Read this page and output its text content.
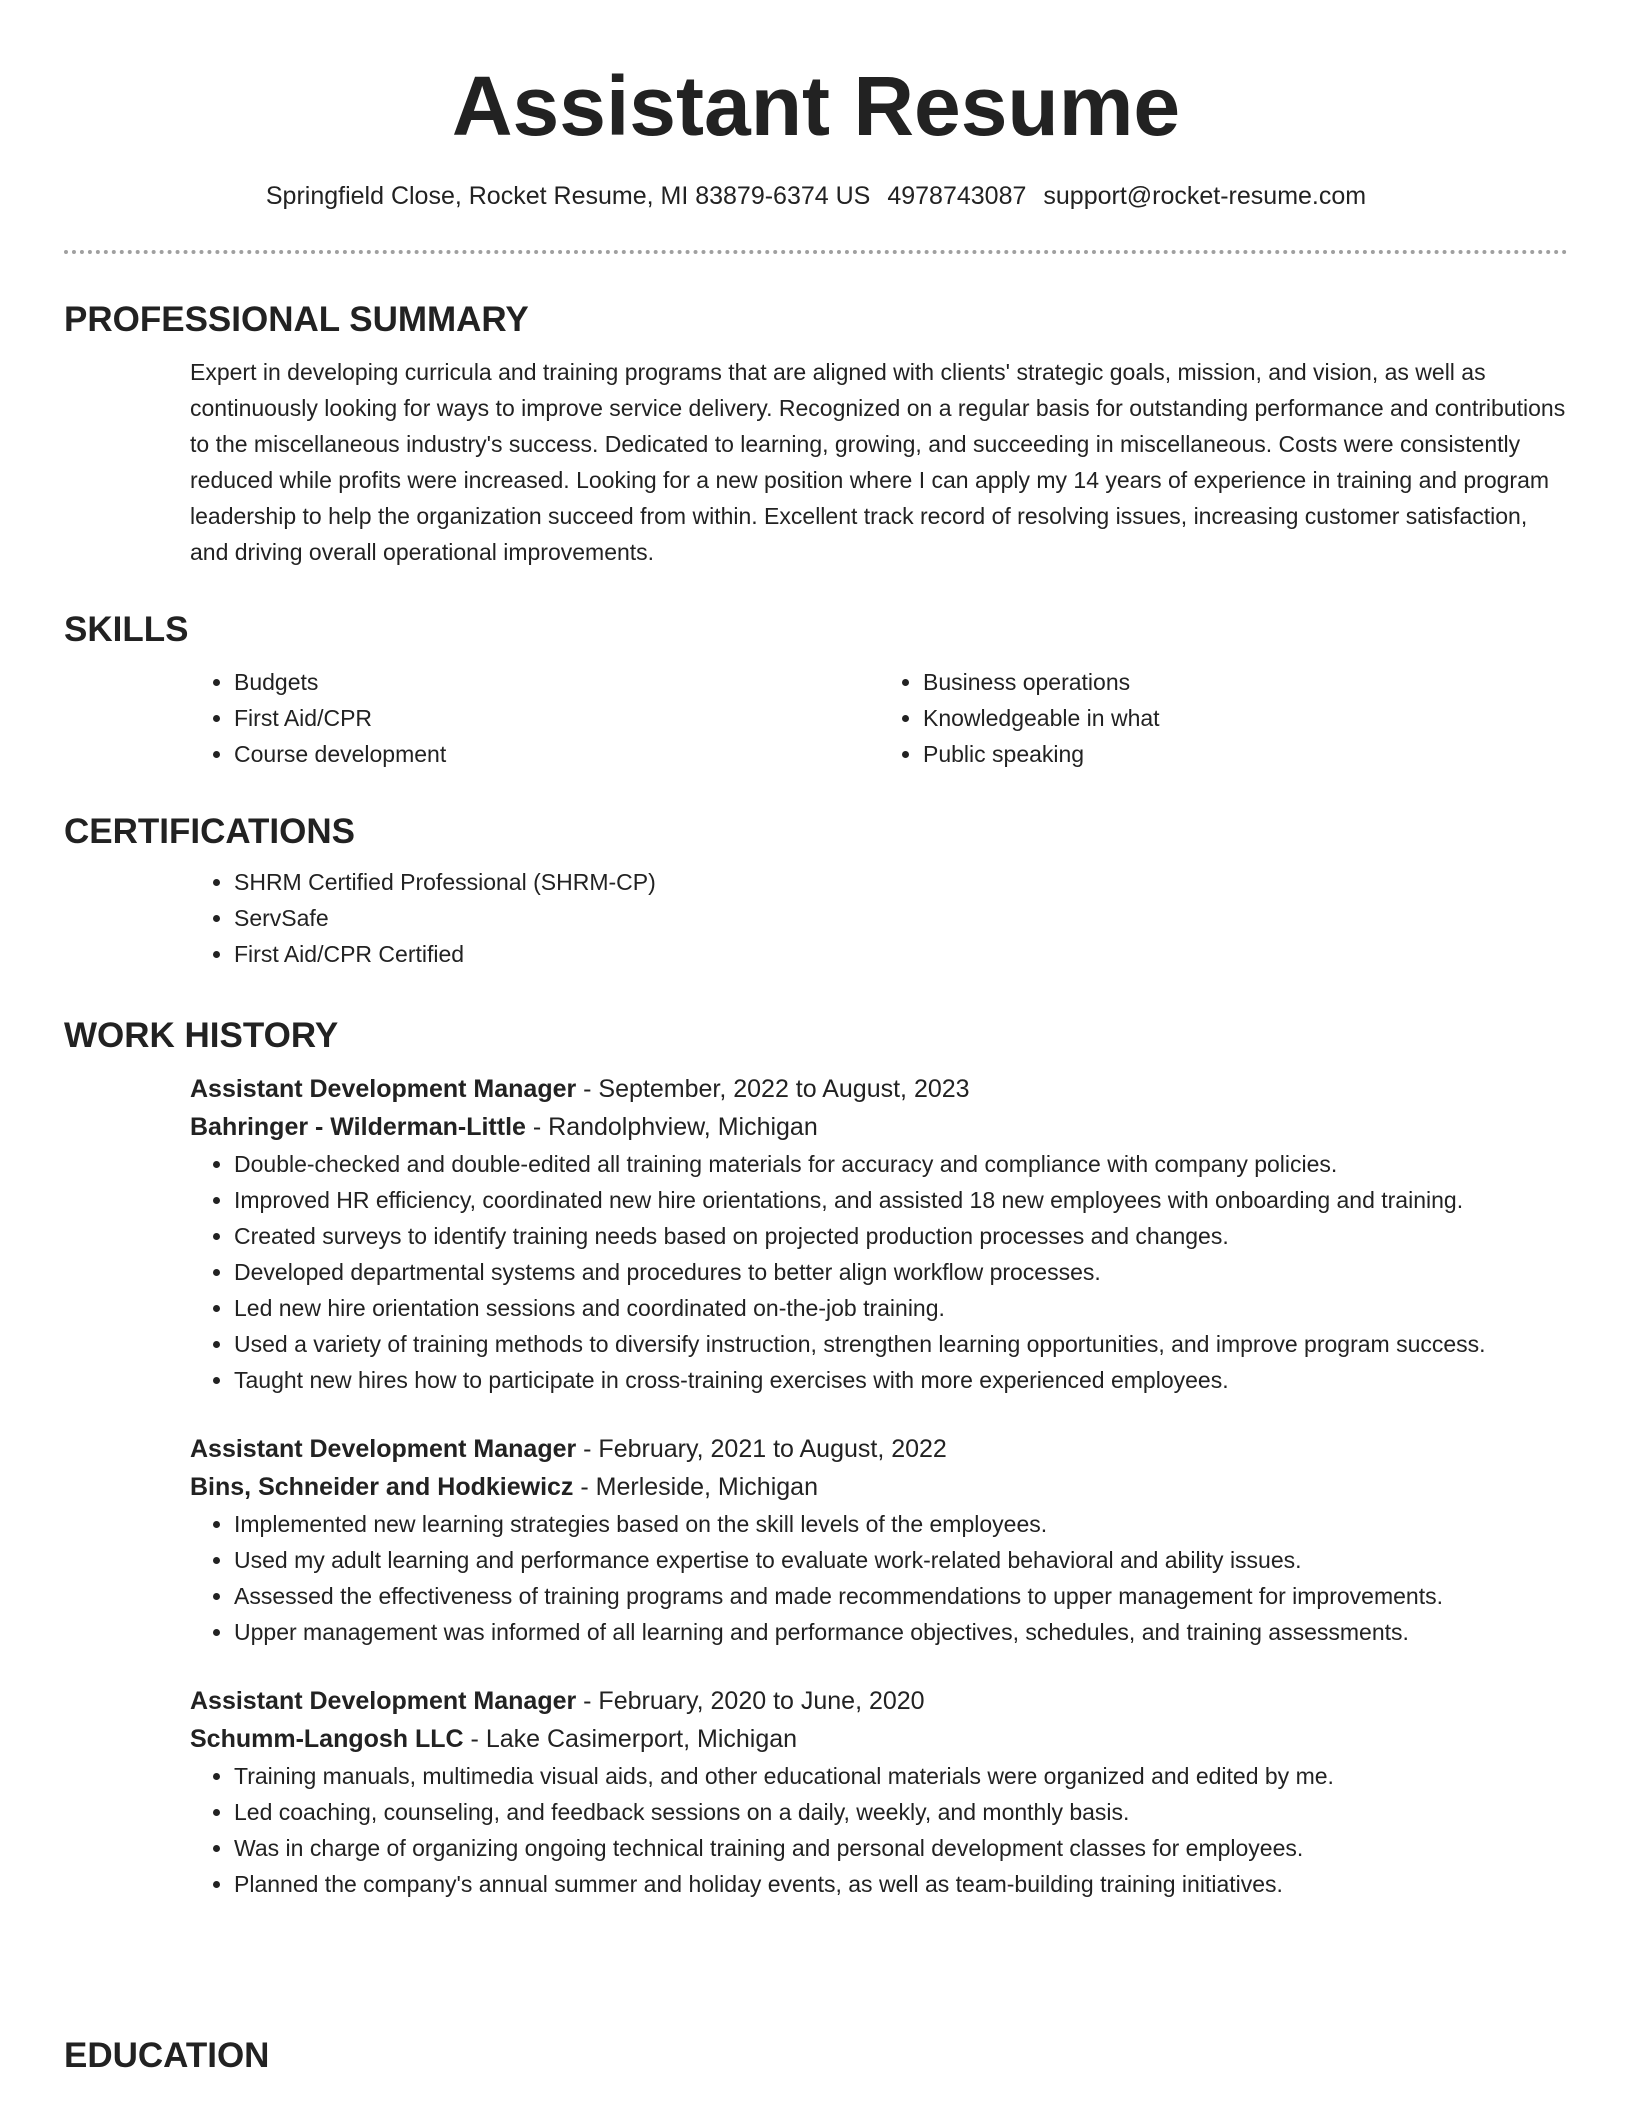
Assistant Resume
Springfield Close, Rocket Resume, MI 83879-6374 US 4978743087 support@rocket-resume.com
PROFESSIONAL SUMMARY

Expert in developing curricula and training programs that are aligned with clients' strategic goals, mission, and vision, as well as continuously looking for ways to improve service delivery. Recognized on a regular basis for outstanding performance and contributions to the miscellaneous industry's success. Dedicated to learning, growing, and succeeding in miscellaneous. Costs were consistently reduced while profits were increased. Looking for a new position where I can apply my 14 years of experience in training and program leadership to help the organization succeed from within. Excellent track record of resolving issues, increasing customer satisfaction, and driving overall operational improvements.

SKILLS
• Budgets
• First Aid/CPR
• Course development
• Business operations
• Knowledgeable in what
• Public speaking
CERTIFICATIONS
• SHRM Certified Professional (SHRM-CP)
• ServSafe
• First Aid/CPR Certified
WORK HISTORY
Assistant Development Manager - September, 2022 to August, 2023
Bahringer - Wilderman-Little - Randolphview, Michigan
• Double-checked and double-edited all training materials for accuracy and compliance with company policies.
• Improved HR efficiency, coordinated new hire orientations, and assisted 18 new employees with onboarding and training.
• Created surveys to identify training needs based on projected production processes and changes.
• Developed departmental systems and procedures to better align workflow processes.
• Led new hire orientation sessions and coordinated on-the-job training.
• Used a variety of training methods to diversify instruction, strengthen learning opportunities, and improve program success.
• Taught new hires how to participate in cross-training exercises with more experienced employees.
Assistant Development Manager - February, 2021 to August, 2022
Bins, Schneider and Hodkiewicz - Merleside, Michigan
• Implemented new learning strategies based on the skill levels of the employees.
• Used my adult learning and performance expertise to evaluate work-related behavioral and ability issues.
• Assessed the effectiveness of training programs and made recommendations to upper management for improvements.
• Upper management was informed of all learning and performance objectives, schedules, and training assessments.
Assistant Development Manager - February, 2020 to June, 2020
Schumm-Langosh LLC - Lake Casimerport, Michigan
• Training manuals, multimedia visual aids, and other educational materials were organized and edited by me.
• Led coaching, counseling, and feedback sessions on a daily, weekly, and monthly basis.
• Was in charge of organizing ongoing technical training and personal development classes for employees.
• Planned the company's annual summer and holiday events, as well as team-building training initiatives.
EDUCATION
